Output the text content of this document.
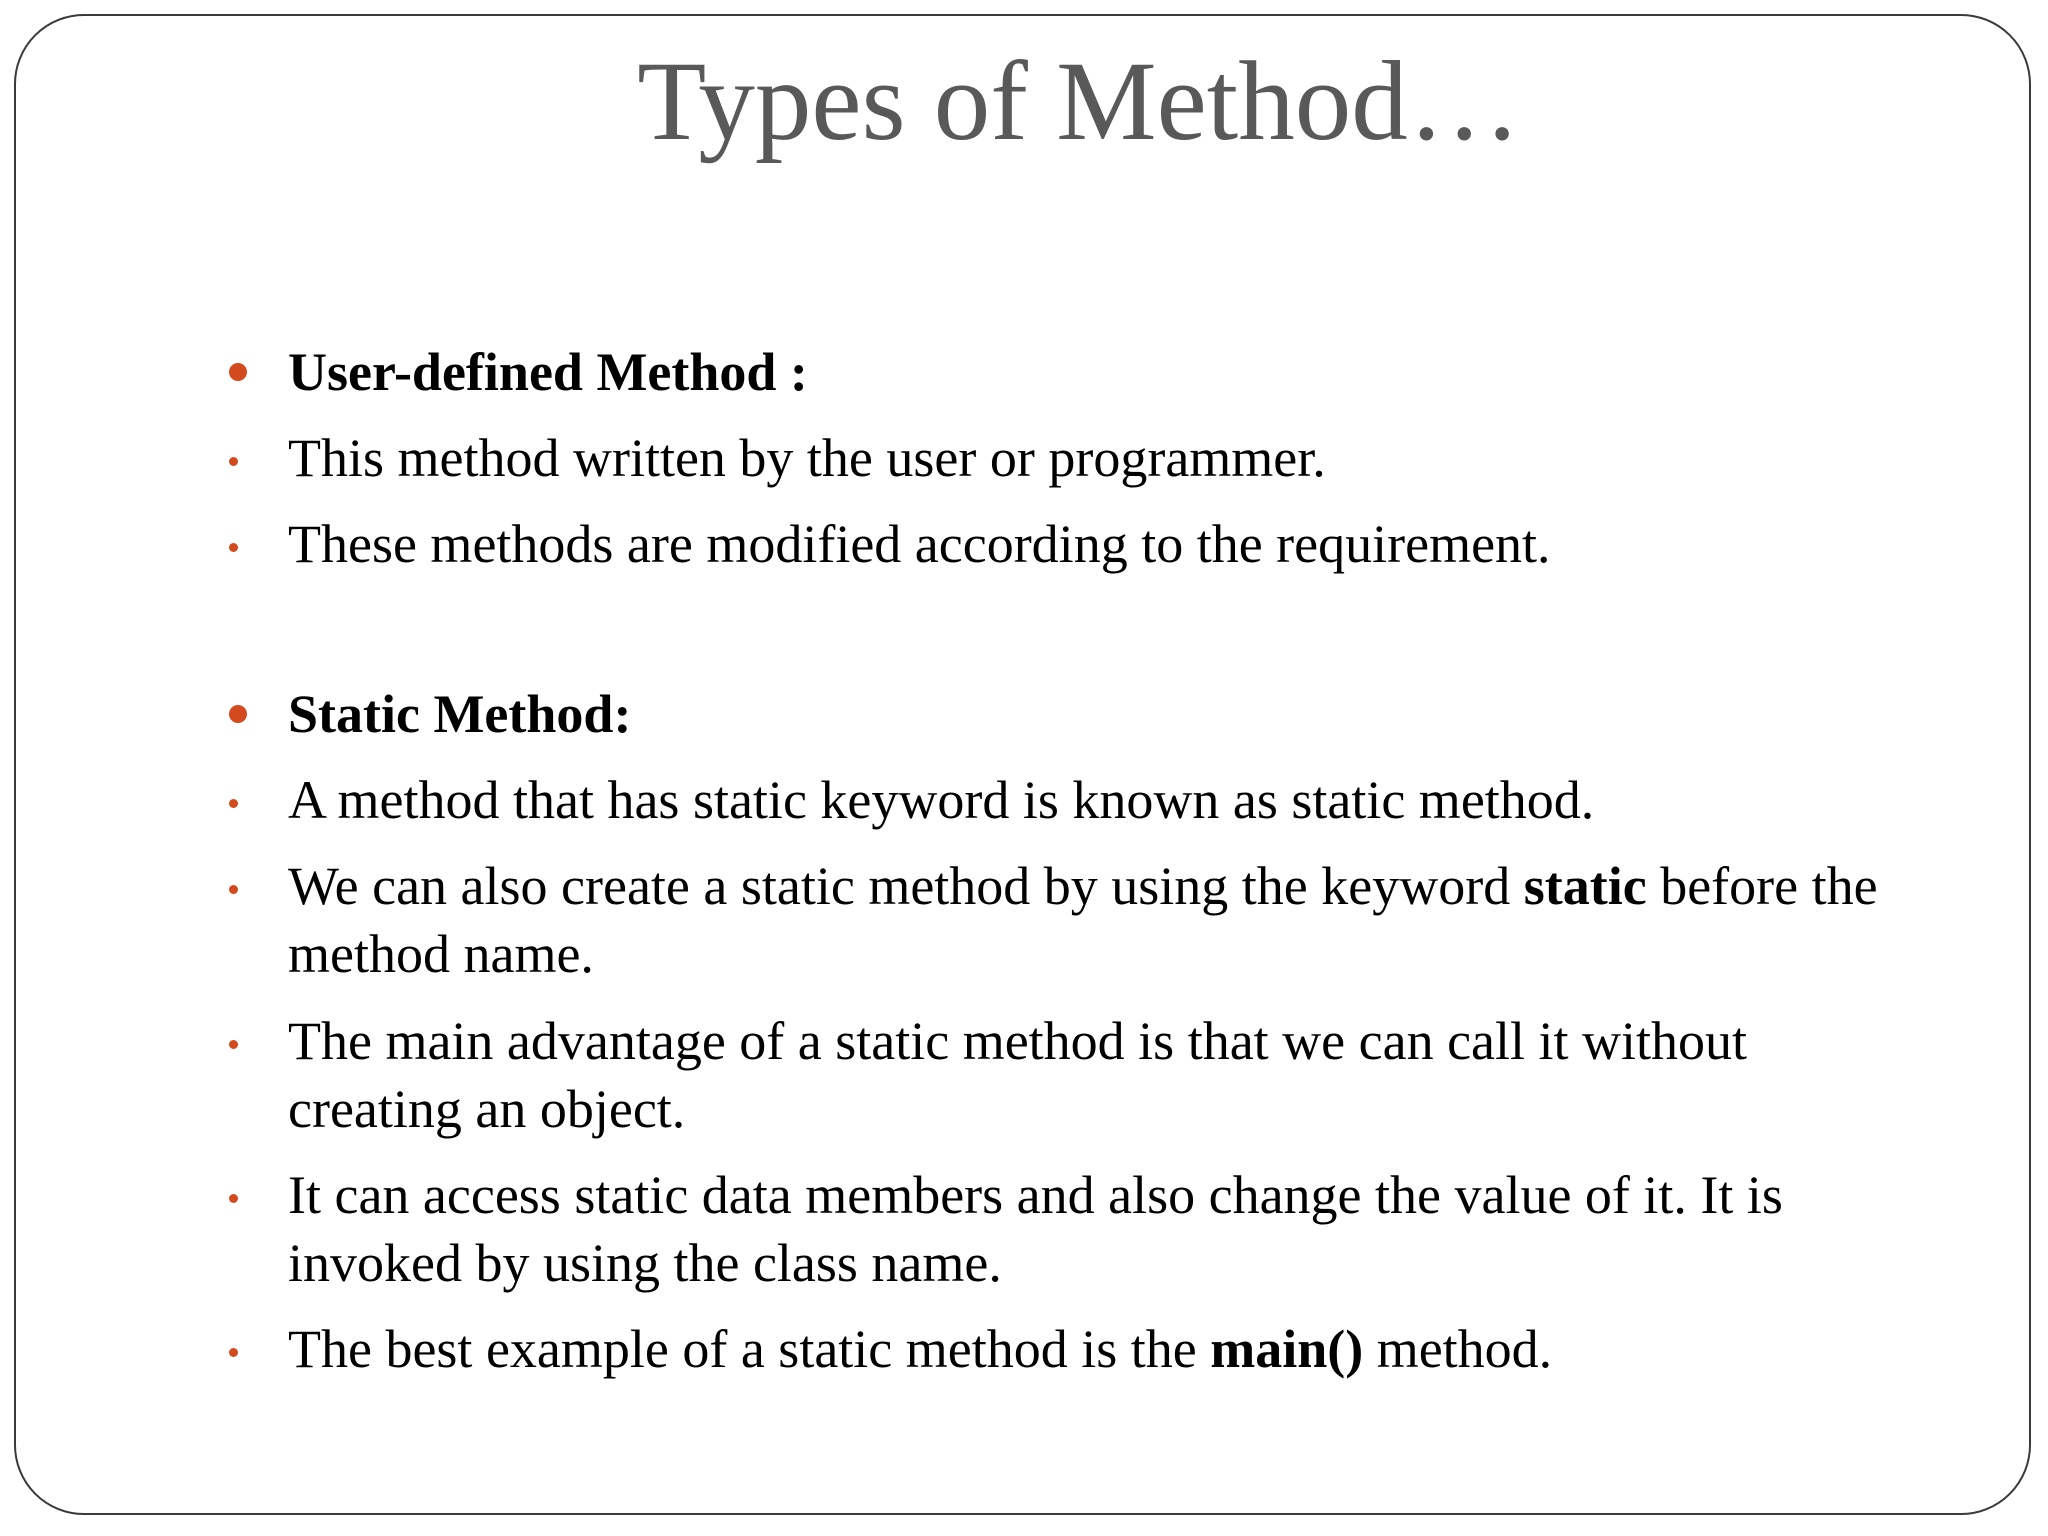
Types of Method…
User-defined Method :
This method written by the user or programmer.
These methods are modified according to the requirement.
Static Method:
A method that has static keyword is known as static method.
We can also create a static method by using the keyword static before the method name.
The main advantage of a static method is that we can call it without creating an object.
It can access static data members and also change the value of it. It is invoked by using the class name.
The best example of a static method is the main() method.
